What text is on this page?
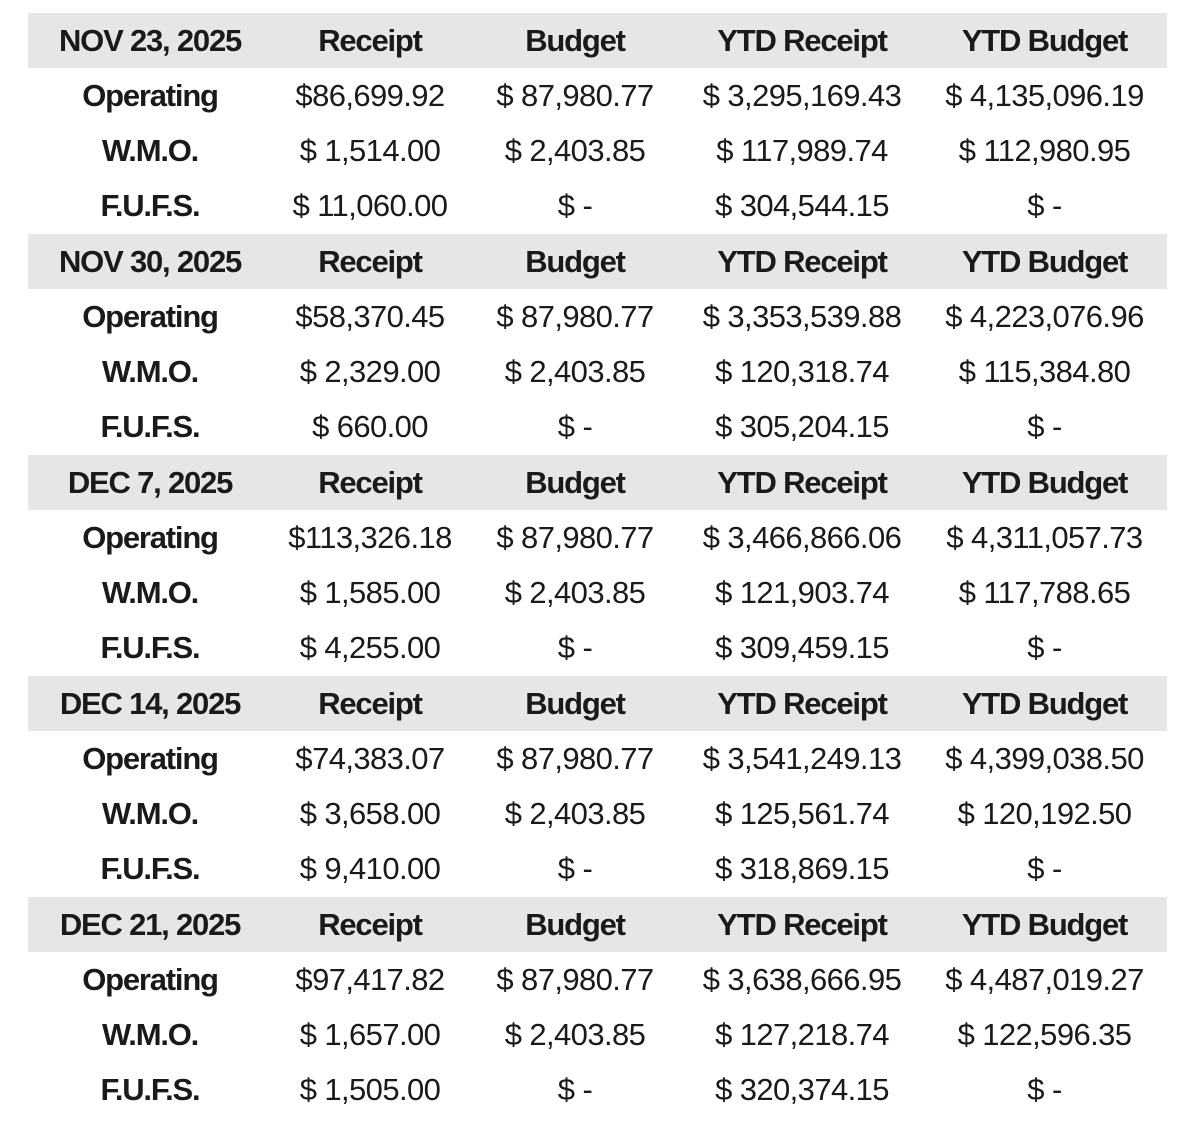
NOV 23, 2025	Receipt	Budget	YTD Receipt	YTD Budget
Operating	$86,699.92	$ 87,980.77	$ 3,295,169.43	$ 4,135,096.19
W.M.O.	$ 1,514.00	$ 2,403.85	$ 117,989.74	$ 112,980.95
F.U.F.S.	$ 11,060.00	$ -	$ 304,544.15	$ -
NOV 30, 2025	Receipt	Budget	YTD Receipt	YTD Budget
Operating	$58,370.45	$ 87,980.77	$ 3,353,539.88	$ 4,223,076.96
W.M.O.	$ 2,329.00	$ 2,403.85	$ 120,318.74	$ 115,384.80
F.U.F.S.	$ 660.00	$ -	$ 305,204.15	$ -
DEC 7, 2025	Receipt	Budget	YTD Receipt	YTD Budget
Operating	$113,326.18	$ 87,980.77	$ 3,466,866.06	$ 4,311,057.73
W.M.O.	$ 1,585.00	$ 2,403.85	$ 121,903.74	$ 117,788.65
F.U.F.S.	$ 4,255.00	$ -	$ 309,459.15	$ -
DEC 14, 2025	Receipt	Budget	YTD Receipt	YTD Budget
Operating	$74,383.07	$ 87,980.77	$ 3,541,249.13	$ 4,399,038.50
W.M.O.	$ 3,658.00	$ 2,403.85	$ 125,561.74	$ 120,192.50
F.U.F.S.	$ 9,410.00	$ -	$ 318,869.15	$ -
DEC 21, 2025	Receipt	Budget	YTD Receipt	YTD Budget
Operating	$97,417.82	$ 87,980.77	$ 3,638,666.95	$ 4,487,019.27
W.M.O.	$ 1,657.00	$ 2,403.85	$ 127,218.74	$ 122,596.35
F.U.F.S.	$ 1,505.00	$ -	$ 320,374.15	$ -
